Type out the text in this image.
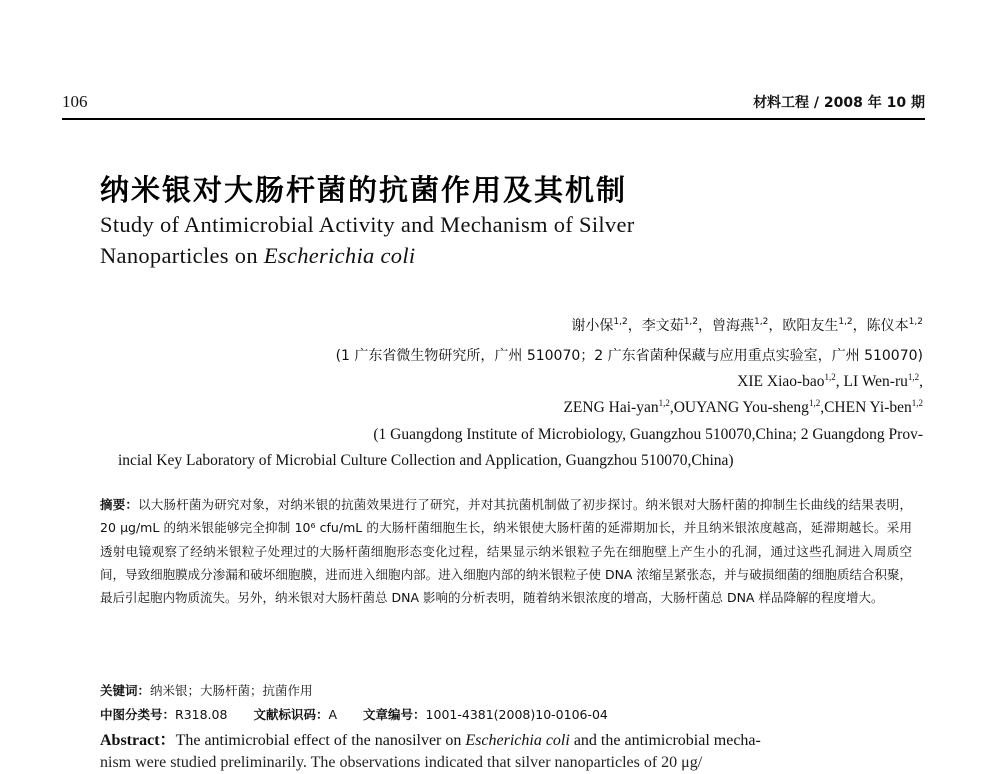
106	材料工程 / 2008 年 10 期
纳米银对大肠杆菌的抗菌作用及其机制
Study of Antimicrobial Activity and Mechanism of Silver
Nanoparticles on Escherichia coli
谢小保$^{1,2}$，李文茹$^{1,2}$，曾海燕$^{1,2}$，欧阳友生$^{1,2}$，陈仪本$^{1,2}$
(1 广东省微生物研究所，广州 510070；2 广东省菌种保藏与应用重点实验室，广州 510070)
XIE Xiao-bao$^{1,2}$, LI Wen-ru$^{1,2}$,
ZENG Hai-yan$^{1,2}$,OUYANG You-sheng$^{1,2}$,CHEN Yi-ben$^{1,2}$
(1 Guangdong Institute of Microbiology, Guangzhou 510070,China; 2 Guangdong Prov-
incial Key Laboratory of Microbial Culture Collection and Application, Guangzhou 510070,China)
摘要：以大肠杆菌为研究对象，对纳米银的抗菌效果进行了研究，并对其抗菌机制做了初步探讨。纳米银对大肠杆菌的抑制生长曲线的结果表明，20 μg/mL 的纳米银能够完全抑制 10⁶ cfu/mL 的大肠杆菌细胞生长，纳米银使大肠杆菌的延滞期加长，并且纳米银浓度越高，延滞期越长。采用透射电镜观察了经纳米银粒子处理过的大肠杆菌细胞形态变化过程，结果显示纳米银粒子先在细胞壁上产生小的孔洞，通过这些孔洞进入周质空间，导致细胞膜成分渗漏和破坏细胞膜，进而进入细胞内部。进入细胞内部的纳米银粒子使 DNA 浓缩呈紧张态，并与破损细菌的细胞质结合积聚，最后引起胞内物质流失。另外，纳米银对大肠杆菌总 DNA 影响的分析表明，随着纳米银浓度的增高，大肠杆菌总 DNA 样品降解的程度增大。
关键词：纳米银；大肠杆菌；抗菌作用
中图分类号：R318.08 文献标识码：A 文章编号：1001-4381(2008)10-0106-04
Abstract：The antimicrobial effect of the nanosilver on Escherichia coli and the antimicrobial mecha-
nism were studied preliminarily. The observations indicated that silver nanoparticles of 20 μg/
